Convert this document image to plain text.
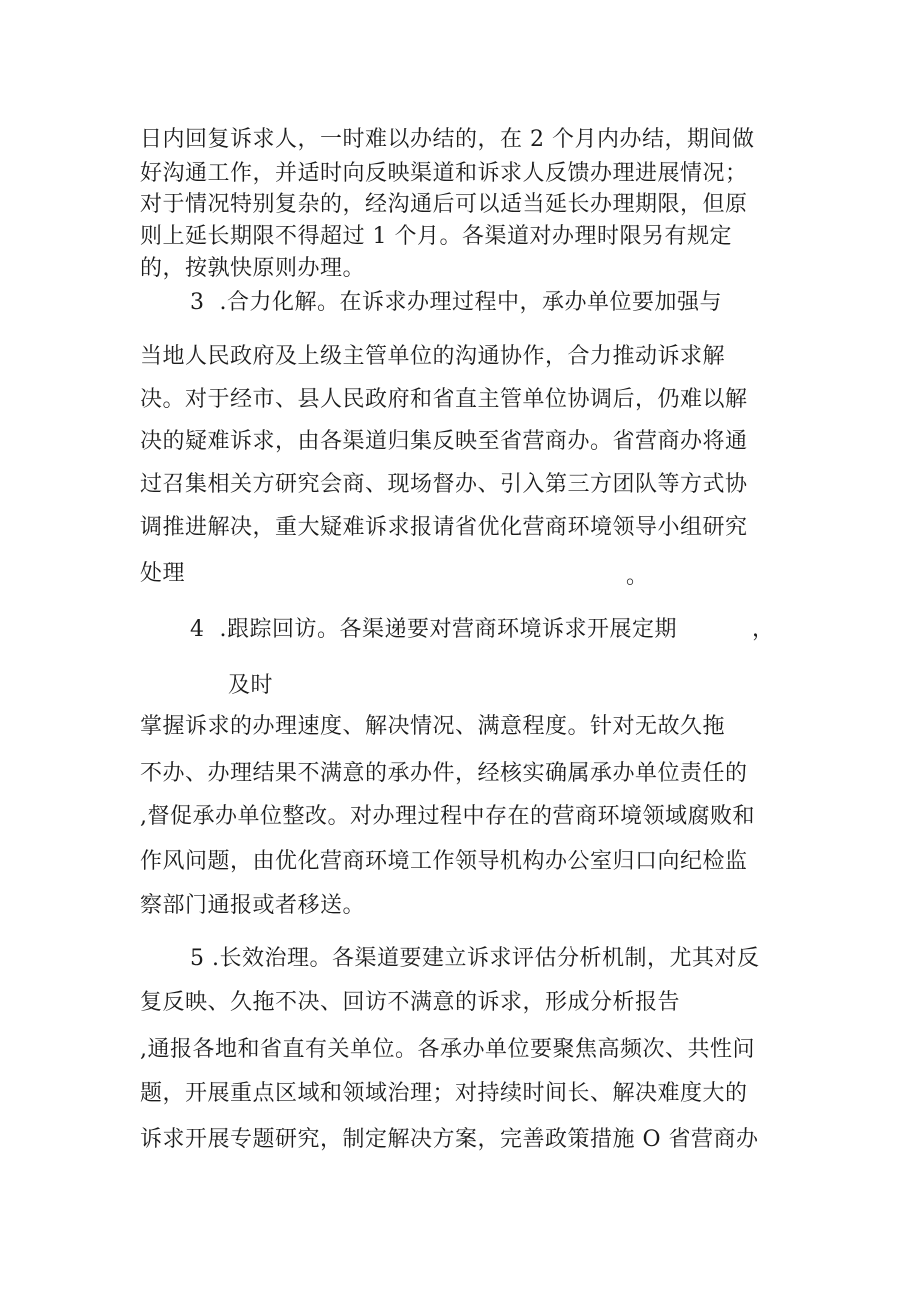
日内回复诉求人，一时难以办结的，在 2 个月内办结，期间做
好沟通工作，并适时向反映渠道和诉求人反馈办理进展情况；
对于情况特别复杂的，经沟通后可以适当延长办理期限，但原
则上延长期限不得超过 1 个月。各渠道对办理时限另有规定
的，按孰快原则办理。
3  .合力化解。在诉求办理过程中，承办单位要加强与
当地人民政府及上级主管单位的沟通协作，合力推动诉求解
决。对于经市、县人民政府和省直主管单位协调后，仍难以解
决的疑难诉求，由各渠道归集反映至省营商办。省营商办将通
过召集相关方研究会商、现场督办、引入第三方团队等方式协
调推进解决，重大疑难诉求报请省优化营商环境领导小组研究
处理	。
4  .跟踪回访。各渠递要对营商环境诉求开展定期	，
及时
掌握诉求的办理速度、解决情况、满意程度。针对无故久拖
不办、办理结果不满意的承办件，经核实确属承办单位责任的
,督促承办单位整改。对办理过程中存在的营商环境领域腐败和
作风问题，由优化营商环境工作领导机构办公室归口向纪检监
察部门通报或者移送。
5 .长效治理。各渠道要建立诉求评估分析机制，尤其对反
复反映、久拖不决、回访不满意的诉求，形成分析报告
,通报各地和省直有关单位。各承办单位要聚焦高频次、共性问
题，开展重点区域和领域治理；对持续时间长、解决难度大的
诉求开展专题研究，制定解决方案，完善政策措施 O 省营商办
